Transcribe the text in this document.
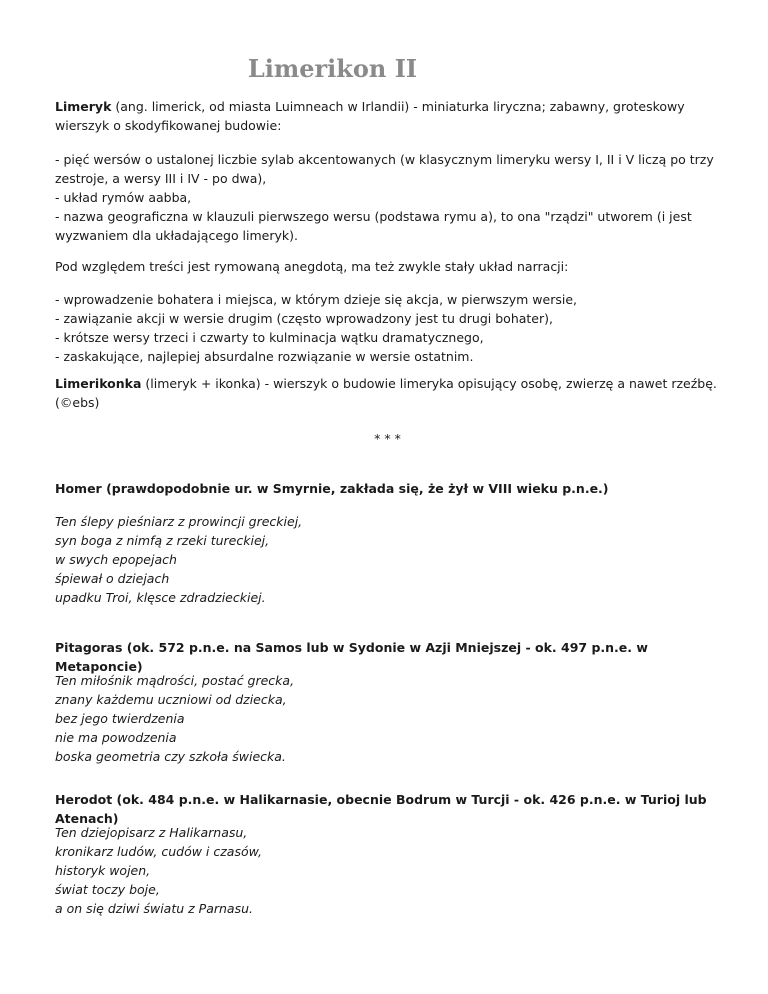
Limerikon II

Limeryk (ang. limerick, od miasta Luimneach w Irlandii) - miniaturka liryczna; zabawny, groteskowy wierszyk o skodyfikowanej budowie:

- pięć wersów o ustalonej liczbie sylab akcentowanych (w klasycznym limeryku wersy I, II i V liczą po trzy zestroje, a wersy III i IV - po dwa),
- układ rymów aabba,
- nazwa geograficzna w klauzuli pierwszego wersu (podstawa rymu a), to ona "rządzi" utworem (i jest wyzwaniem dla układającego limeryk).

Pod względem treści jest rymowaną anegdotą, ma też zwykle stały układ narracji:

- wprowadzenie bohatera i miejsca, w którym dzieje się akcja, w pierwszym wersie,
- zawiązanie akcji w wersie drugim (często wprowadzony jest tu drugi bohater),
- krótsze wersy trzeci i czwarty to kulminacja wątku dramatycznego,
- zaskakujące, najlepiej absurdalne rozwiązanie w wersie ostatnim.

Limerikonka (limeryk + ikonka) - wierszyk o budowie limeryka opisujący osobę, zwierzę a nawet rzeźbę. (©ebs)

* * *

Homer (prawdopodobnie ur. w Smyrnie, zakłada się, że żył w VIII wieku p.n.e.)

Ten ślepy pieśniarz z prowincji greckiej,
syn boga z nimfą z rzeki tureckiej,
w swych epopejach
śpiewał o dziejach
upadku Troi, klęsce zdradzieckiej.

Pitagoras (ok. 572 p.n.e. na Samos lub w Sydonie w Azji Mniejszej - ok. 497 p.n.e. w Metaponcie)

Ten miłośnik mądrości, postać grecka,
znany każdemu uczniowi od dziecka,
bez jego twierdzenia
nie ma powodzenia
boska geometria czy szkoła świecka.

Herodot (ok. 484 p.n.e. w Halikarnasie, obecnie Bodrum w Turcji - ok. 426 p.n.e. w Turioj lub Atenach)

Ten dziejopisarz z Halikarnasu,
kronikarz ludów, cudów i czasów,
historyk wojen,
świat toczy boje,
a on się dziwi światu z Parnasu.
